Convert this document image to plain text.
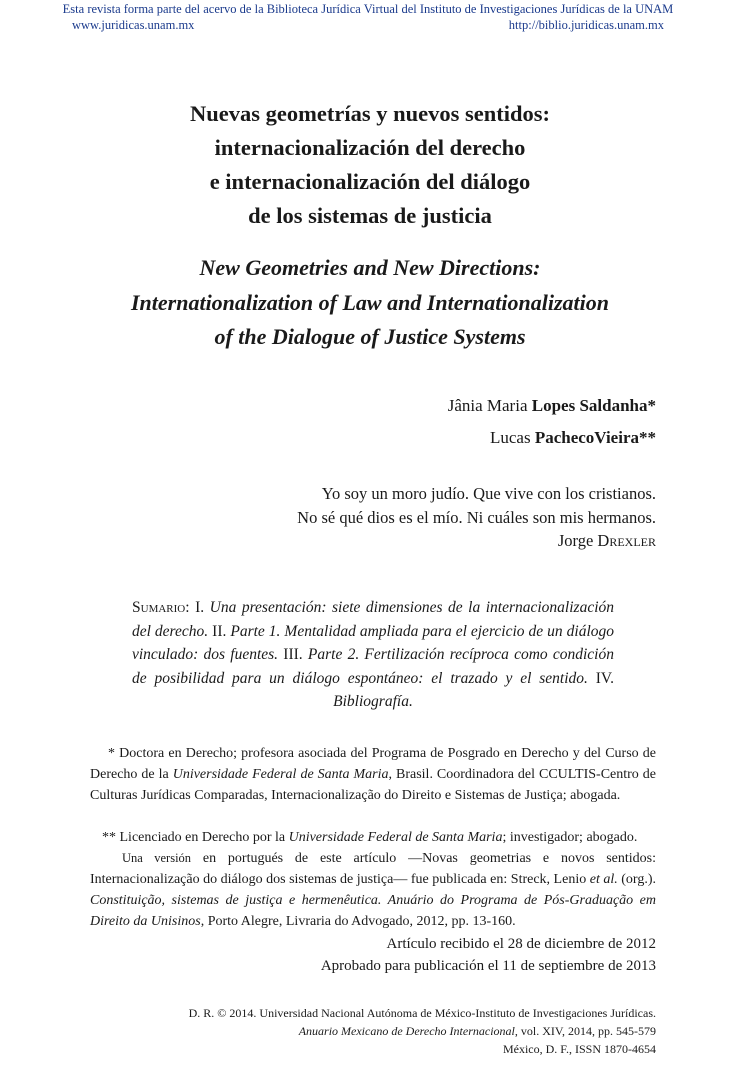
Esta revista forma parte del acervo de la Biblioteca Jurídica Virtual del Instituto de Investigaciones Jurídicas de la UNAM
www.juridicas.unam.mx	http://biblio.juridicas.unam.mx
Nuevas geometrías y nuevos sentidos:
internacionalización del derecho
e internacionalización del diálogo
de los sistemas de justicia
New Geometries and New Directions:
Internationalization of Law and Internationalization
of the Dialogue of Justice Systems
Jânia Maria Lopes Saldanha*
Lucas PachecoVieira**
Yo soy un moro judío. Que vive con los cristianos.
No sé qué dios es el mío. Ni cuáles son mis hermanos.
Jorge Drexler
Sumario: I. Una presentación: siete dimensiones de la internacionalización del derecho. II. Parte 1. Mentalidad ampliada para el ejercicio de un diálogo vinculado: dos fuentes. III. Parte 2. Fertilización recíproca como condición de posibilidad para un diálogo espontáneo: el trazado y el sentido. IV. Bibliografía.
* Doctora en Derecho; profesora asociada del Programa de Posgrado en Derecho y del Curso de Derecho de la Universidade Federal de Santa Maria, Brasil. Coordinadora del CCULTIS-Centro de Culturas Jurídicas Comparadas, Internacionalização do Direito e Sistemas de Justiça; abogada.
** Licenciado en Derecho por la Universidade Federal de Santa Maria; investigador; abogado.
Una versión en portugués de este artículo —Novas geometrias e novos sentidos: Internacionalização do diálogo dos sistemas de justiça— fue publicada en: Streck, Lenio et al. (org.). Constituição, sistemas de justiça e hermenêutica. Anuário do Programa de Pós-Graduação em Direito da Unisinos, Porto Alegre, Livraria do Advogado, 2012, pp. 13-160.
Artículo recibido el 28 de diciembre de 2012
Aprobado para publicación el 11 de septiembre de 2013
D. R. © 2014. Universidad Nacional Autónoma de México-Instituto de Investigaciones Jurídicas.
Anuario Mexicano de Derecho Internacional, vol. XIV, 2014, pp. 545-579
México, D. F., ISSN 1870-4654
